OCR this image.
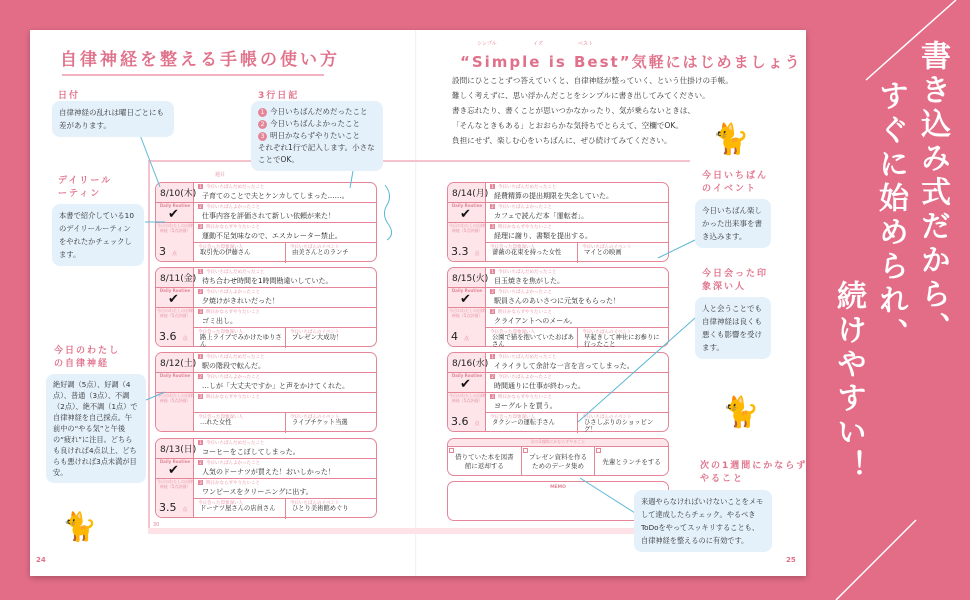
自律神経を整える手帳の使い方
シンプル	イズ	ベスト
“Simple is Best”気軽にはじめましょう
設問にひとことずつ答えていくと、自律神経が整っていく、という仕掛けの手帳。
難しく考えずに、思い浮かんだことをシンプルに書き出してみてください。
書き忘れたり、書くことが思いつかなかったり、気が乗らないときは、
「そんなときもある」とおおらかな気持ちでとらえて、空欄でOK。
負担にせず、楽しむ心をいちばんに、ぜひ続けてみてください。
週目
30
8/10(木)
Daily Routine
✔
今日のわたしの自律神経（5点評価）
3 点
1 今日いちばんだめだったこと
子育てのことで夫とケンカしてしまった……。
2 今日いちばんよかったこと
仕事内容を評価されて新しい依頼が来た！
3 明日かならずやりたいこと
運動不足気味なので、エスカレーター禁止。
今日会った印象深い人
取引先の伊藤さん
今日いちばんのイベント
由美さんとのランチ
8/11(金)
Daily Routine
✔
今日のわたしの自律神経（5点評価）
3.6 点
1 今日いちばんだめだったこと
待ち合わせ時間を1時間勘違いしていた。
2 今日いちばんよかったこと
夕焼けがきれいだった！
3 明日かならずやりたいこと
ゴミ出し。
今日会った印象深い人
路上ライブでみかけたゆりさん
今日いちばんのイベント
プレゼン大成功！
8/12(土)
Daily Routine
今日のわたしの自律神経（5点評価）
1 今日いちばんだめだったこと
駅の階段で転んだ。
2 今日いちばんよかったこと
…しが「大丈夫ですか」と声をかけてくれた。
3 明日かならずやりたいこと
今日会った印象深い人
…れた女性
今日いちばんのイベント
ライブチケット当選
8/13(日)
Daily Routine
✔
今日のわたしの自律神経（5点評価）
3.5 点
1 今日いちばんだめだったこと
コーヒーをこぼしてしまった。
2 今日いちばんよかったこと
人気のドーナツが買えた！おいしかった！
3 明日かならずやりたいこと
ワンピースをクリーニングに出す。
今日会った印象深い人
ドーナツ屋さんの店員さん
今日いちばんのイベント
ひとり美術館めぐり
8/14(月)
Daily Routine
✔
今日のわたしの自律神経（5点評価）
3.3 点
1 今日いちばんだめだったこと
経費精算の提出期限を失念していた。
2 今日いちばんよかったこと
カフェで読んだ本「運転者」。
3 明日かならずやりたいこと
経理に謝り、書類を提出する。
今日会った印象深い人
薔薇の花束を持った女性
今日いちばんのイベント
マイとの映画
8/15(火)
Daily Routine
✔
今日のわたしの自律神経（5点評価）
4 点
1 今日いちばんだめだったこと
目玉焼きを焦がした。
2 今日いちばんよかったこと
駅員さんのあいさつに元気をもらった！
3 明日かならずやりたいこと
クライアントへのメール。
今日会った印象深い人
公園で猫を抱いていたおばあさん
今日いちばんのイベント
早起きして神社にお参りに行ったこと
8/16(水)
Daily Routine
✔
今日のわたしの自律神経（5点評価）
3.6 点
1 今日いちばんだめだったこと
イライラして余計な一言を言ってしまった。
2 今日いちばんよかったこと
時間通りに仕事が終わった。
3 明日かならずやりたいこと
ヨーグルトを買う。
今日会った印象深い人
タクシーの運転手さん
今日いちばんのイベント
ひさしぶりのショッピング！
次の1週間にかならずやること
借りていた本を図書館に返却する
プレゼン資料を作るためのデータ集め
先輩とランチをする
MEMO
日付
自律神経の乱れは曜日ごとにも差があります。
3行日記
1 今日いちばんだめだったこと
2 今日いちばんよかったこと
3 明日かならずやりたいこと
それぞれ1行で記入します。小さなことでOK。
デイリールーティン
本書で紹介している10のデイリールーティンをやれたかチェックします。
今日のわたしの自律神経
絶好調（5点）、好調（4点）、普通（3点）、不調（2点）、絶不調（1点）で自律神経を自己採点。午前中の“やる気”と午後の“疲れ”に注目。どちらも良ければ4点以上、どちらも悪ければ3点未満が目安。
今日いちばんのイベント
今日いちばん楽しかった出来事を書き込みます。
今日会った印象深い人
人と会うことでも自律神経は良くも悪くも影響を受けます。
次の1週間にかならずやること
来週やらなければいけないことをメモして達成したらチェック。やるべきToDoをやってスッキリすることも、自律神経を整えるのに有効です。
🐈
🐈
🐈
24	25
書き込み式だから、
すぐに始められ、
続けやすい！
